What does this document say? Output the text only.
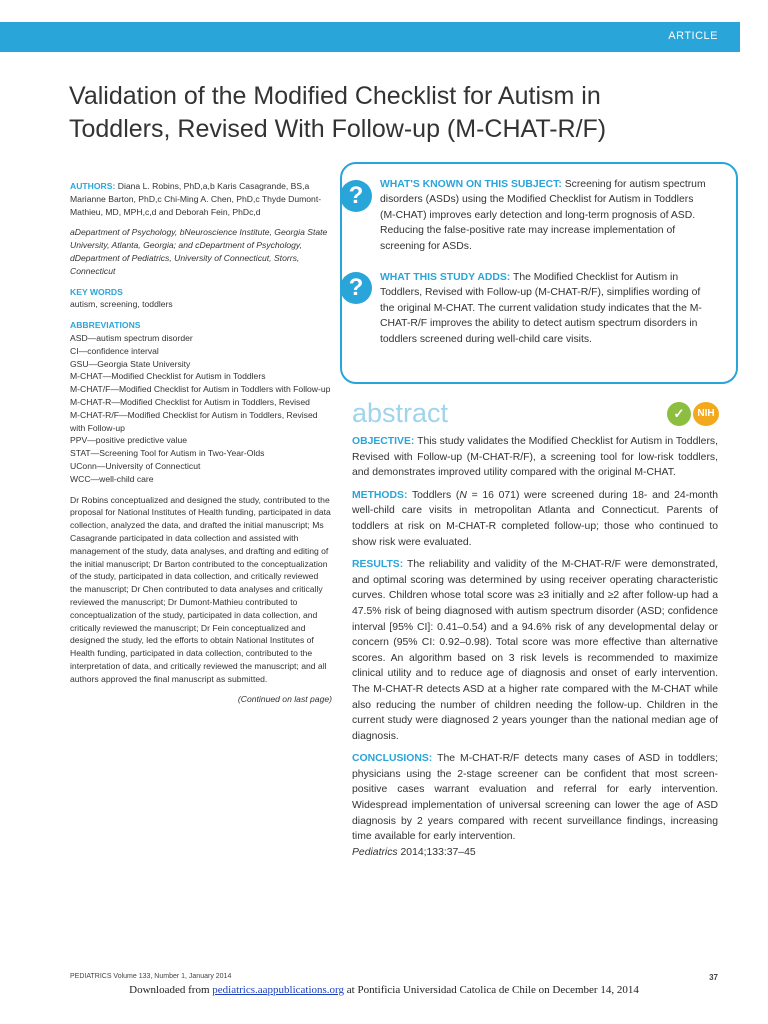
ARTICLE
Validation of the Modified Checklist for Autism in Toddlers, Revised With Follow-up (M-CHAT-R/F)

AUTHORS: Diana L. Robins, PhD,a,b Karis Casagrande, BS,a Marianne Barton, PhD,c Chi-Ming A. Chen, PhD,c Thyde Dumont-Mathieu, MD, MPH,c,d and Deborah Fein, PhDc,d

aDepartment of Psychology, bNeuroscience Institute, Georgia State University, Atlanta, Georgia; and cDepartment of Psychology, dDepartment of Pediatrics, University of Connecticut, Storrs, Connecticut

KEY WORDS

autism, screening, toddlers

ABBREVIATIONS

ASD—autism spectrum disorder

CI—confidence interval

GSU—Georgia State University

M-CHAT—Modified Checklist for Autism in Toddlers

M-CHAT/F—Modified Checklist for Autism in Toddlers with Follow-up

M-CHAT-R—Modified Checklist for Autism in Toddlers, Revised

M-CHAT-R/F—Modified Checklist for Autism in Toddlers, Revised with Follow-up

PPV—positive predictive value

STAT—Screening Tool for Autism in Two-Year-Olds

UConn—University of Connecticut

WCC—well-child care

Dr Robins conceptualized and designed the study, contributed to the proposal for National Institutes of Health funding, participated in data collection, analyzed the data, and drafted the initial manuscript; Ms Casagrande participated in data collection and assisted with management of the study, data analyses, and drafting and editing of the initial manuscript; Dr Barton contributed to the conceptualization of the study, participated in data collection, and critically reviewed the manuscript; Dr Chen contributed to data analyses and critically reviewed the manuscript; Dr Dumont-Mathieu contributed to conceptualization of the study, participated in data collection, and critically reviewed the manuscript; Dr Fein conceptualized and designed the study, led the efforts to obtain National Institutes of Health funding, participated in data collection, contributed to the interpretation of data, and critically reviewed the manuscript; and all authors approved the final manuscript as submitted.

(Continued on last page)

?	WHAT'S KNOWN ON THIS SUBJECT: Screening for autism spectrum disorders (ASDs) using the Modified Checklist for Autism in Toddlers (M-CHAT) improves early detection and long-term prognosis of ASD. Reducing the false-positive rate may increase implementation of screening for ASDs.

?	WHAT THIS STUDY ADDS: The Modified Checklist for Autism in Toddlers, Revised with Follow-up (M-CHAT-R/F), simplifies wording of the original M-CHAT. The current validation study indicates that the M-CHAT-R/F improves the ability to detect autism spectrum disorders in toddlers screened during well-child care visits.

abstract	✓	NIH

OBJECTIVE: This study validates the Modified Checklist for Autism in Toddlers, Revised with Follow-up (M-CHAT-R/F), a screening tool for low-risk toddlers, and demonstrates improved utility compared with the original M-CHAT.

METHODS: Toddlers (N = 16 071) were screened during 18- and 24-month well-child care visits in metropolitan Atlanta and Connecticut. Parents of toddlers at risk on M-CHAT-R completed follow-up; those who continued to show risk were evaluated.

RESULTS: The reliability and validity of the M-CHAT-R/F were demonstrated, and optimal scoring was determined by using receiver operating characteristic curves. Children whose total score was ≥3 initially and ≥2 after follow-up had a 47.5% risk of being diagnosed with autism spectrum disorder (ASD; confidence interval [95% CI]: 0.41–0.54) and a 94.6% risk of any developmental delay or concern (95% CI: 0.92–0.98). Total score was more effective than alternative scores. An algorithm based on 3 risk levels is recommended to maximize clinical utility and to reduce age of diagnosis and onset of early intervention. The M-CHAT-R detects ASD at a higher rate compared with the M-CHAT while also reducing the number of children needing the follow-up. Children in the current study were diagnosed 2 years younger than the national median age of diagnosis.

CONCLUSIONS: The M-CHAT-R/F detects many cases of ASD in toddlers; physicians using the 2-stage screener can be confident that most screen-positive cases warrant evaluation and referral for early intervention. Widespread implementation of universal screening can lower the age of ASD diagnosis by 2 years compared with recent surveillance findings, increasing time available for early intervention.
Pediatrics 2014;133:37–45

PEDIATRICS Volume 133, Number 1, January 2014	37
Downloaded from pediatrics.aappublications.org at Pontificia Universidad Catolica de Chile on December 14, 2014
